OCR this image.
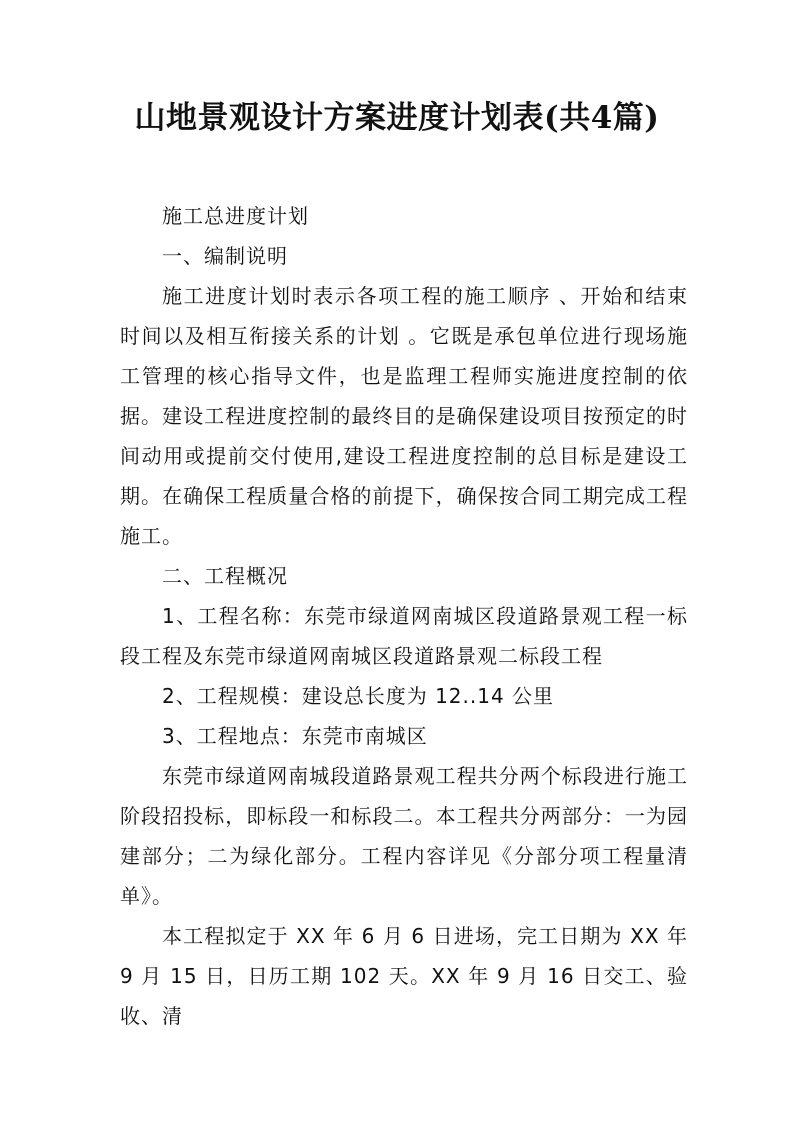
山地景观设计方案进度计划表(共4篇)

施工总进度计划

一、编制说明

施工进度计划时表示各项工程的施工顺序 、开始和结束时间以及相互衔接关系的计划 。它既是承包单位进行现场施工管理的核心指导文件，也是监理工程师实施进度控制的依据。建设工程进度控制的最终目的是确保建设项目按预定的时间动用或提前交付使用,建设工程进度控制的总目标是建设工期。在确保工程质量合格的前提下，确保按合同工期完成工程施工。

二、工程概况

1、工程名称：东莞市绿道网南城区段道路景观工程一标段工程及东莞市绿道网南城区段道路景观二标段工程

2、工程规模：建设总长度为 12..14 公里

3、工程地点：东莞市南城区

东莞市绿道网南城段道路景观工程共分两个标段进行施工阶段招投标，即标段一和标段二。本工程共分两部分：一为园建部分；二为绿化部分。工程内容详见《分部分项工程量清单》。

本工程拟定于 XX 年 6 月 6 日进场，完工日期为 XX 年 9 月 15 日，日历工期 102 天。XX 年 9 月 16 日交工、验收、清
